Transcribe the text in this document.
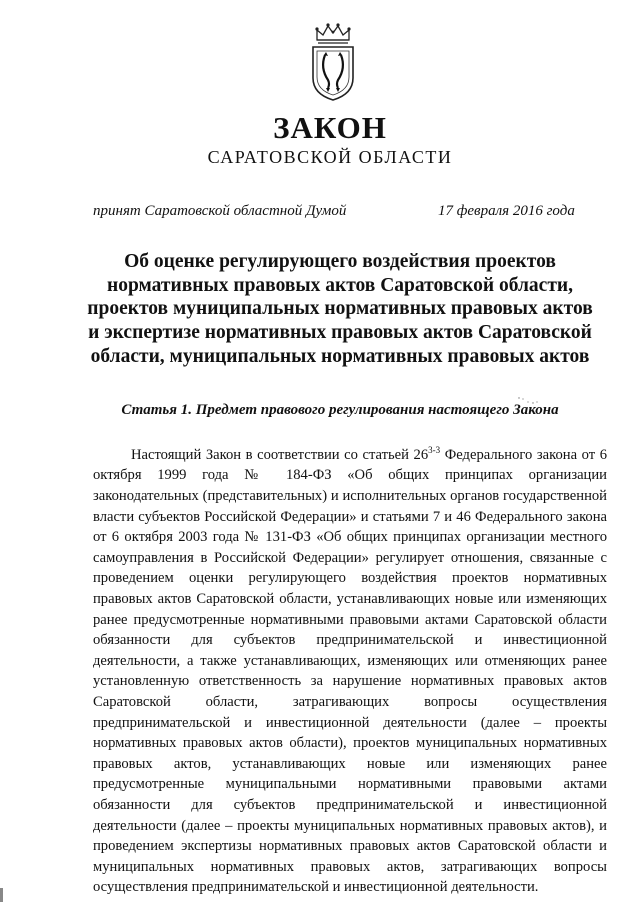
ЗАКОН
САРАТОВСКОЙ ОБЛАСТИ
принят Саратовской областной Думой	17 февраля 2016 года
Об оценке регулирующего воздействия проектов нормативных правовых актов Саратовской области, проектов муниципальных нормативных правовых актов и экспертизе нормативных правовых актов Саратовской области, муниципальных нормативных правовых актов
Статья 1. Предмет правового регулирования настоящего Закона

Настоящий Закон в соответствии со статьей 26$^{3-3}$ Федерального закона от 6 октября 1999 года № 184-ФЗ «Об общих принципах организации законодательных (представительных) и исполнительных органов государственной власти субъектов Российской Федерации» и статьями 7 и 46 Федерального закона от 6 октября 2003 года № 131-ФЗ «Об общих принципах организации местного самоуправления в Российской Федерации» регулирует отношения, связанные с проведением оценки регулирующего воздействия проектов нормативных правовых актов Саратовской области, устанавливающих новые или изменяющих ранее предусмотренные нормативными правовыми актами Саратовской области обязанности для субъектов предпринимательской и инвестиционной деятельности, а также устанавливающих, изменяющих или отменяющих ранее установленную ответственность за нарушение нормативных правовых актов Саратовской области, затрагивающих вопросы осуществления предпринимательской и инвестиционной деятельности (далее – проекты нормативных правовых актов области), проектов муниципальных нормативных правовых актов, устанавливающих новые или изменяющих ранее предусмотренные муниципальными нормативными правовыми актами обязанности для субъектов предпринимательской и инвестиционной деятельности (далее – проекты муниципальных нормативных правовых актов), и проведением экспертизы нормативных правовых актов Саратовской области и муниципальных нормативных правовых актов, затрагивающих вопросы осуществления предпринимательской и инвестиционной деятельности.
